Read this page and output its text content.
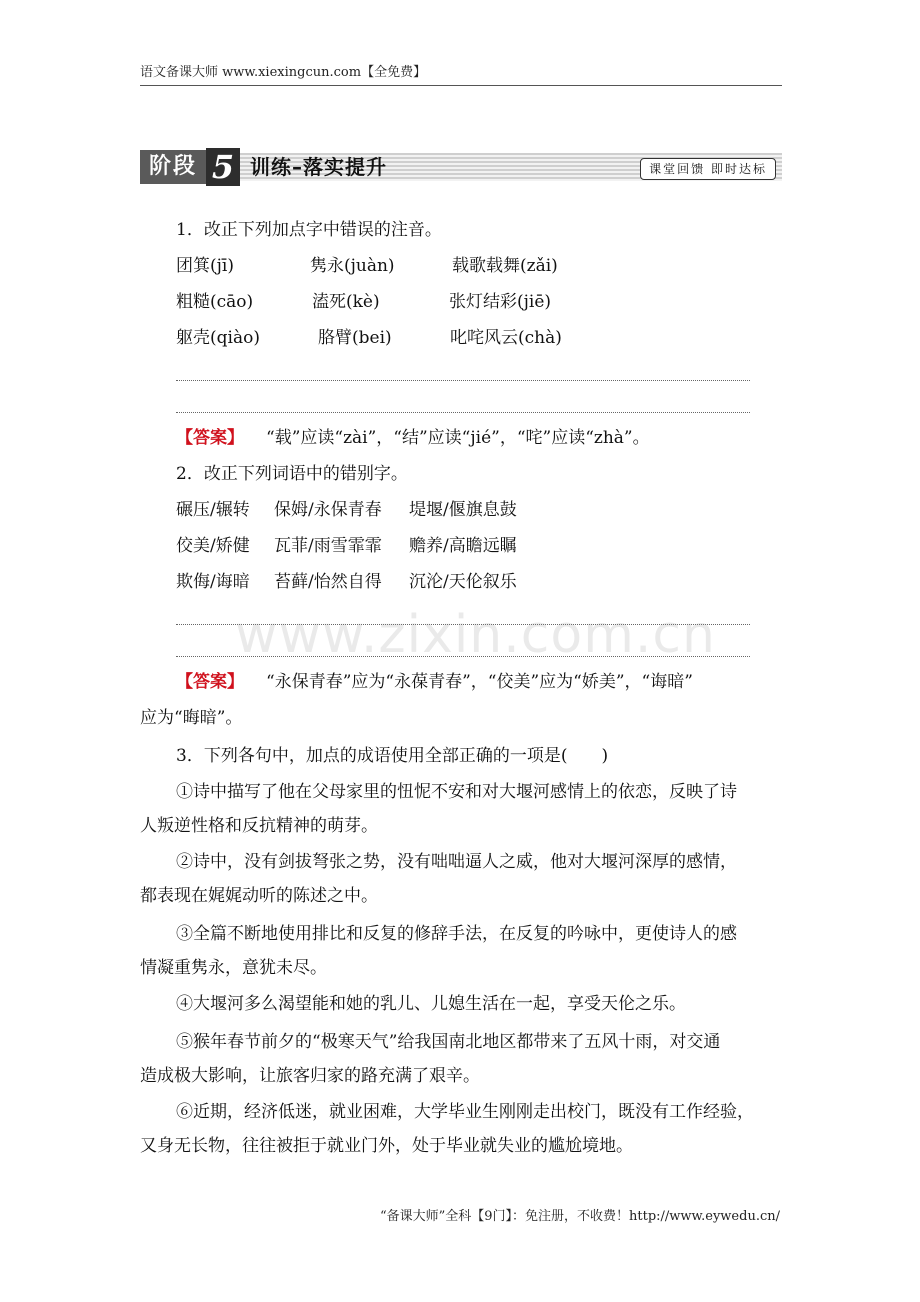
语文备课大师 www.xiexingcun.com【全免费】
阶段 5 训练–落实提升	课堂回馈 即时达标
1．改正下列加点字中错误的注音。
团箕(jī)	隽永(juàn)	载歌载舞(zǎi)
粗糙(cāo)	溘死(kè)	张灯结彩(jiē)
躯壳(qiào)	胳臂(bei)	叱咤风云(chà)
【答案】 “载”应读“zài”，“结”应读“jié”，“咤”应读“zhà”。
2．改正下列词语中的错别字。
碾压/辗转 保姆/永保青春 堤堰/偃旗息鼓
佼美/矫健 瓦菲/雨雪霏霏 赡养/高瞻远瞩
欺侮/诲暗 苔藓/怡然自得 沉沦/天伦叙乐
www.zixin.com.cn
【答案】 “永保青春”应为“永葆青春”，“佼美”应为“娇美”，“诲暗”
应为“晦暗”。
3．下列各句中，加点的成语使用全部正确的一项是(　　)
①诗中描写了他在父母家里的忸怩不安和对大堰河感情上的依恋，反映了诗
人叛逆性格和反抗精神的萌芽。
②诗中，没有剑拔弩张之势，没有咄咄逼人之威，他对大堰河深厚的感情，
都表现在娓娓动听的陈述之中。
③全篇不断地使用排比和反复的修辞手法，在反复的吟咏中，更使诗人的感
情凝重隽永，意犹未尽。
④大堰河多么渴望能和她的乳儿、儿媳生活在一起，享受天伦之乐。
⑤猴年春节前夕的“极寒天气”给我国南北地区都带来了五风十雨，对交通
造成极大影响，让旅客归家的路充满了艰辛。
⑥近期，经济低迷，就业困难，大学毕业生刚刚走出校门，既没有工作经验，
又身无长物，往往被拒于就业门外，处于毕业就失业的尴尬境地。
“备课大师”全科【9门】：免注册，不收费！http://www.eywedu.cn/
